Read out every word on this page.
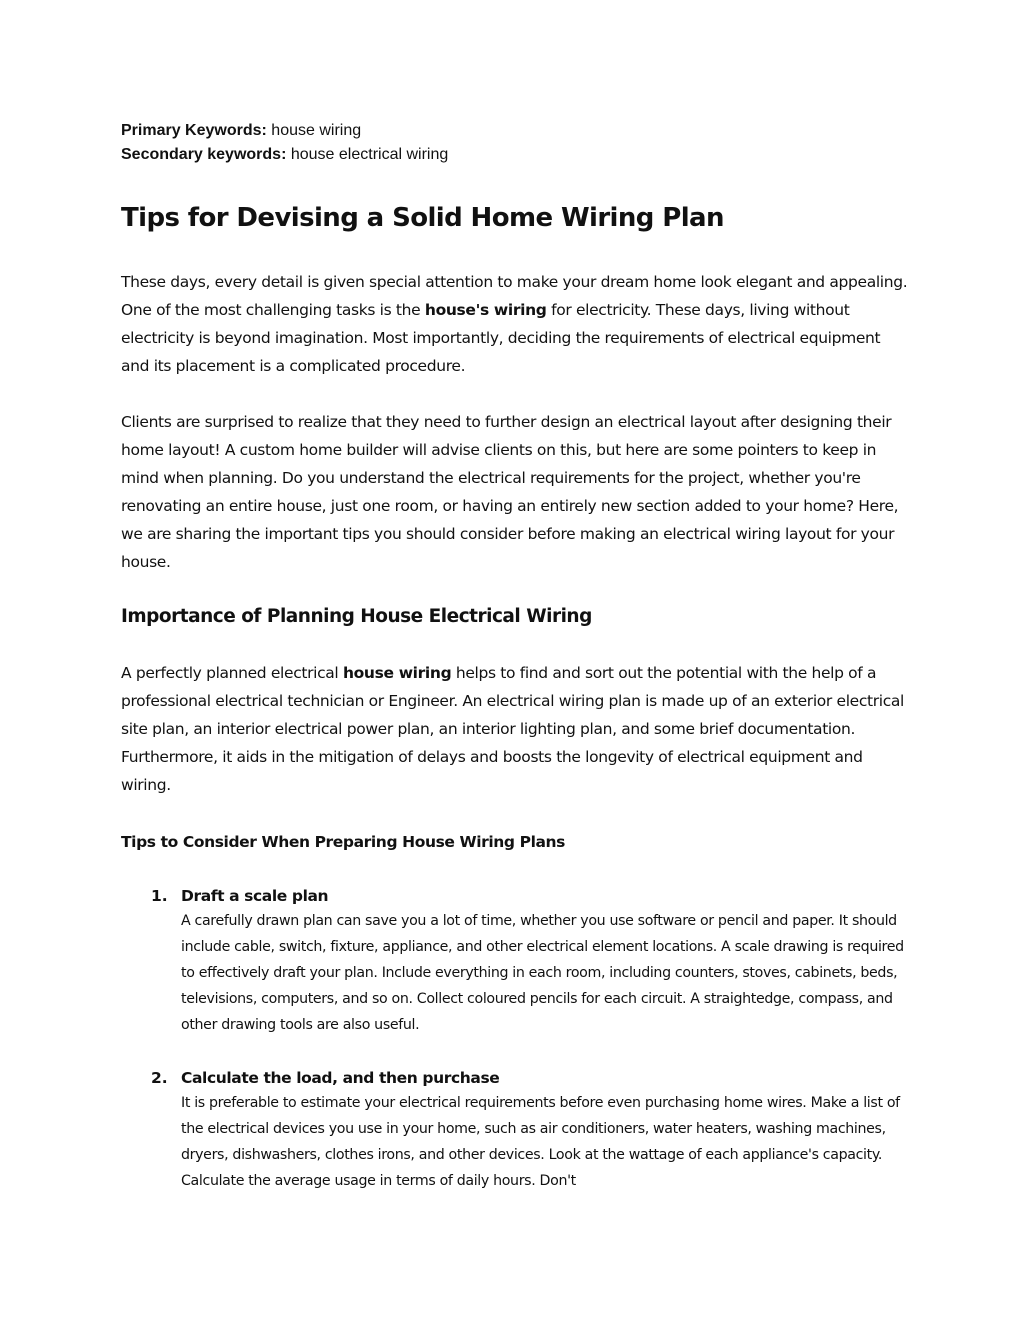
Primary Keywords: house wiring

Secondary keywords: house electrical wiring

Tips for Devising a Solid Home Wiring Plan

These days, every detail is given special attention to make your dream home look elegant and appealing. One of the most challenging tasks is the house's wiring for electricity. These days, living without electricity is beyond imagination. Most importantly, deciding the requirements of electrical equipment and its placement is a complicated procedure.

Clients are surprised to realize that they need to further design an electrical layout after designing their home layout! A custom home builder will advise clients on this, but here are some pointers to keep in mind when planning. Do you understand the electrical requirements for the project, whether you're renovating an entire house, just one room, or having an entirely new section added to your home? Here, we are sharing the important tips you should consider before making an electrical wiring layout for your house.

Importance of Planning House Electrical Wiring

A perfectly planned electrical house wiring helps to find and sort out the potential with the help of a professional electrical technician or Engineer. An electrical wiring plan is made up of an exterior electrical site plan, an interior electrical power plan, an interior lighting plan, and some brief documentation. Furthermore, it aids in the mitigation of delays and boosts the longevity of electrical equipment and wiring.

Tips to Consider When Preparing House Wiring Plans
1. Draft a scale plan

A carefully drawn plan can save you a lot of time, whether you use software or pencil and paper. It should include cable, switch, fixture, appliance, and other electrical element locations. A scale drawing is required to effectively draft your plan. Include everything in each room, including counters, stoves, cabinets, beds, televisions, computers, and so on. Collect coloured pencils for each circuit. A straightedge, compass, and other drawing tools are also useful.

2. Calculate the load, and then purchase

It is preferable to estimate your electrical requirements before even purchasing home wires. Make a list of the electrical devices you use in your home, such as air conditioners, water heaters, washing machines, dryers, dishwashers, clothes irons, and other devices. Look at the wattage of each appliance's capacity. Calculate the average usage in terms of daily hours. Don't
